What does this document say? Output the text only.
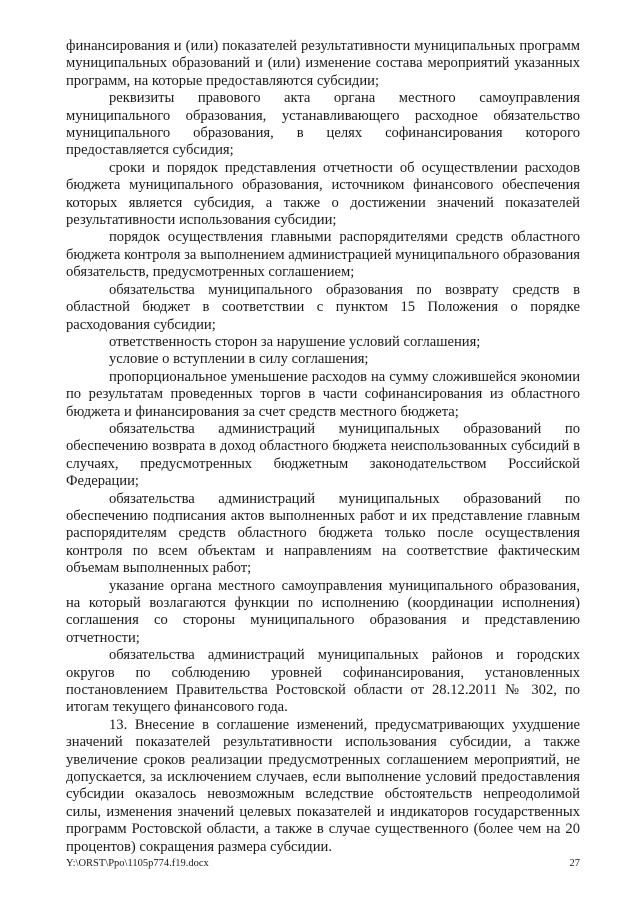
финансирования и (или) показателей результативности муниципальных программ муниципальных образований и (или) изменение состава мероприятий указанных программ, на которые предоставляются субсидии;

реквизиты правового акта органа местного самоуправления муниципального образования, устанавливающего расходное обязательство муниципального образования, в целях софинансирования которого предоставляется субсидия;

сроки и порядок представления отчетности об осуществлении расходов бюджета муниципального образования, источником финансового обеспечения которых является субсидия, а также о достижении значений показателей результативности использования субсидии;

порядок осуществления главными распорядителями средств областного бюджета контроля за выполнением администрацией муниципального образования обязательств, предусмотренных соглашением;

обязательства муниципального образования по возврату средств в областной бюджет в соответствии с пунктом 15 Положения о порядке расходования субсидии;

ответственность сторон за нарушение условий соглашения;

условие о вступлении в силу соглашения;

пропорциональное уменьшение расходов на сумму сложившейся экономии по результатам проведенных торгов в части софинансирования из областного бюджета и финансирования за счет средств местного бюджета;

обязательства администраций муниципальных образований по обеспечению возврата в доход областного бюджета неиспользованных субсидий в случаях, предусмотренных бюджетным законодательством Российской Федерации;

обязательства администраций муниципальных образований по обеспечению подписания актов выполненных работ и их представление главным распорядителям средств областного бюджета только после осуществления контроля по всем объектам и направлениям на соответствие фактическим объемам выполненных работ;

указание органа местного самоуправления муниципального образования, на который возлагаются функции по исполнению (координации исполнения) соглашения со стороны муниципального образования и представлению отчетности;

обязательства администраций муниципальных районов и городских округов по соблюдению уровней софинансирования, установленных постановлением Правительства Ростовской области от 28.12.2011 № 302, по итогам текущего финансового года.

13. Внесение в соглашение изменений, предусматривающих ухудшение значений показателей результативности использования субсидии, а также увеличение сроков реализации предусмотренных соглашением мероприятий, не допускается, за исключением случаев, если выполнение условий предоставления субсидии оказалось невозможным вследствие обстоятельств непреодолимой силы, изменения значений целевых показателей и индикаторов государственных программ Ростовской области, а также в случае существенного (более чем на 20 процентов) сокращения размера субсидии.

Y:\ORST\Ppo\1105p774.f19.docx	27
